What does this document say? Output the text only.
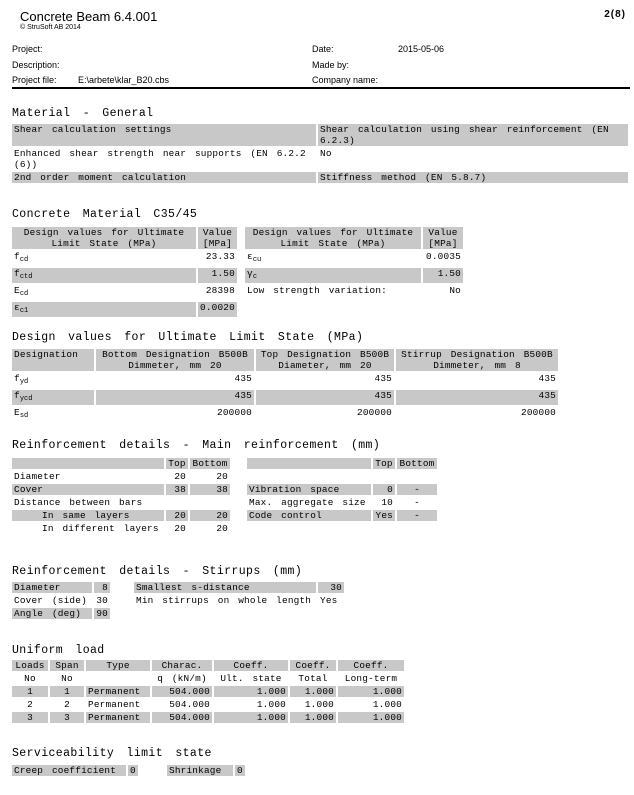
Concrete Beam 6.4.001
© StruSoft AB 2014
2(8)
Project:	Date:	2015-05-06
Description:	Made by:
Project file: E:\arbete\klar_B20.cbs	Company name:
Material - General
Shear calculation settings	Shear calculation using shear reinforcement (EN 6.2.3)
Enhanced shear strength near supports (EN 6.2.2 (6))	No
2nd order moment calculation	Stiffness method (EN 5.8.7)
Concrete Material C35/45
Design values for Ultimate Limit State (MPa)	Value [MPa]
$f_{cd}$	23.33
$f_{ctd}$	1.50
$E_{cd}$	28398
$\varepsilon_{c1}$	0.0020
Design values for Ultimate Limit State (MPa)	Value [MPa]
$\varepsilon_{cu}$	0.0035
$\gamma_c$	1.50
Low strength variation:	No
Design values for Ultimate Limit State (MPa)
Designation	Bottom Designation B500B Dimmeter, mm 20	Top Designation B500B Diameter, mm 20	Stirrup Designation B500B Dimmeter, mm 8
$f_{yd}$	435	435	435
$f_{ycd}$	435	435	435
$E_{sd}$	200000	200000	200000
Reinforcement details - Main reinforcement (mm)
	Top	Bottom
Diameter	20	20
Cover	38	38
Distance between bars		
In same layers	20	20
In different layers	20	20
	Top	Bottom

Vibration space	0	-
Max. aggregate size	10	-
Code control	Yes	-
Reinforcement details - Stirrups (mm)
Diameter	8
Cover (side)	30
Angle (deg)	90
Smallest s-distance	30
Min stirrups on whole length	Yes
Uniform load
Loads	Span	Type	Charac.	Coeff.	Coeff.	Coeff.
No	No		q (kN/m)	Ult. state	Total	Long-term
1	1	Permanent	504.000	1.000	1.000	1.000
2	2	Permanent	504.000	1.000	1.000	1.000
3	3	Permanent	504.000	1.000	1.000	1.000
Serviceability limit state
Creep coefficient	0	Shrinkage	0
